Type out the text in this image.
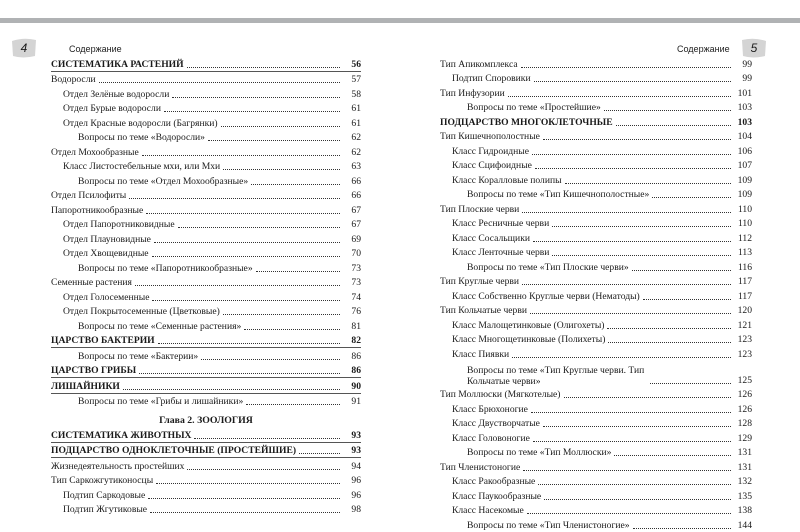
4	Содержание
СИСТЕМАТИКА РАСТЕНИЙ	56
Водоросли	57
Отдел Зелёные водоросли	58
Отдел Бурые водоросли	61
Отдел Красные водоросли (Багрянки)	61
Вопросы по теме «Водоросли»	62
Отдел Мохообразные	62
Класс Листостебельные мхи, или Мхи	63
Вопросы по теме «Отдел Мохообразные»	66
Отдел Псилофиты	66
Папоротникообразные	67
Отдел Папоротниковидные	67
Отдел Плауновидные	69
Отдел Хвощевидные	70
Вопросы по теме «Папоротникообразные»	73
Семенные растения	73
Отдел Голосеменные	74
Отдел Покрытосеменные (Цветковые)	76
Вопросы по теме «Семенные растения»	81
ЦАРСТВО БАКТЕРИИ	82
Вопросы по теме «Бактерии»	86
ЦАРСТВО ГРИБЫ	86
ЛИШАЙНИКИ	90
Вопросы по теме «Грибы и лишайники»	91
Глава 2. ЗООЛОГИЯ
СИСТЕМАТИКА ЖИВОТНЫХ	93
ПОДЦАРСТВО ОДНОКЛЕТОЧНЫЕ (ПРОСТЕЙШИЕ)	93
Жизнедеятельность простейших	94
Тип Саркожгутиконосцы	96
Подтип Саркодовые	96
Подтип Жгутиковые	98
Содержание 5
Тип Апикомплекса	99
Подтип Споровики	99
Тип Инфузории	101
Вопросы по теме «Простейшие»	103
ПОДЦАРСТВО МНОГОКЛЕТОЧНЫЕ	103
Тип Кишечнополостные	104
Класс Гидроидные	106
Класс Сцифоидные	107
Класс Коралловые полипы	109
Вопросы по теме «Тип Кишечнополостные»	109
Тип Плоские черви	110
Класс Ресничные черви	110
Класс Сосальщики	112
Класс Ленточные черви	113
Вопросы по теме «Тип Плоские черви»	116
Тип Круглые черви	117
Класс Собственно Круглые черви (Нематоды)	117
Тип Кольчатые черви	120
Класс Малощетинковые (Олигохеты)	121
Класс Многощетинковые (Полихеты)	123
Класс Пиявки	123
Вопросы по теме «Тип Круглые черви. Тип Кольчатые черви»	125
Тип Моллюски (Мягкотелые)	126
Класс Брюхоногие	126
Класс Двустворчатые	128
Класс Головоногие	129
Вопросы по теме «Тип Моллюски»	131
Тип Членистоногие	131
Класс Ракообразные	132
Класс Паукообразные	135
Класс Насекомые	138
Вопросы по теме «Тип Членистоногие»	144
